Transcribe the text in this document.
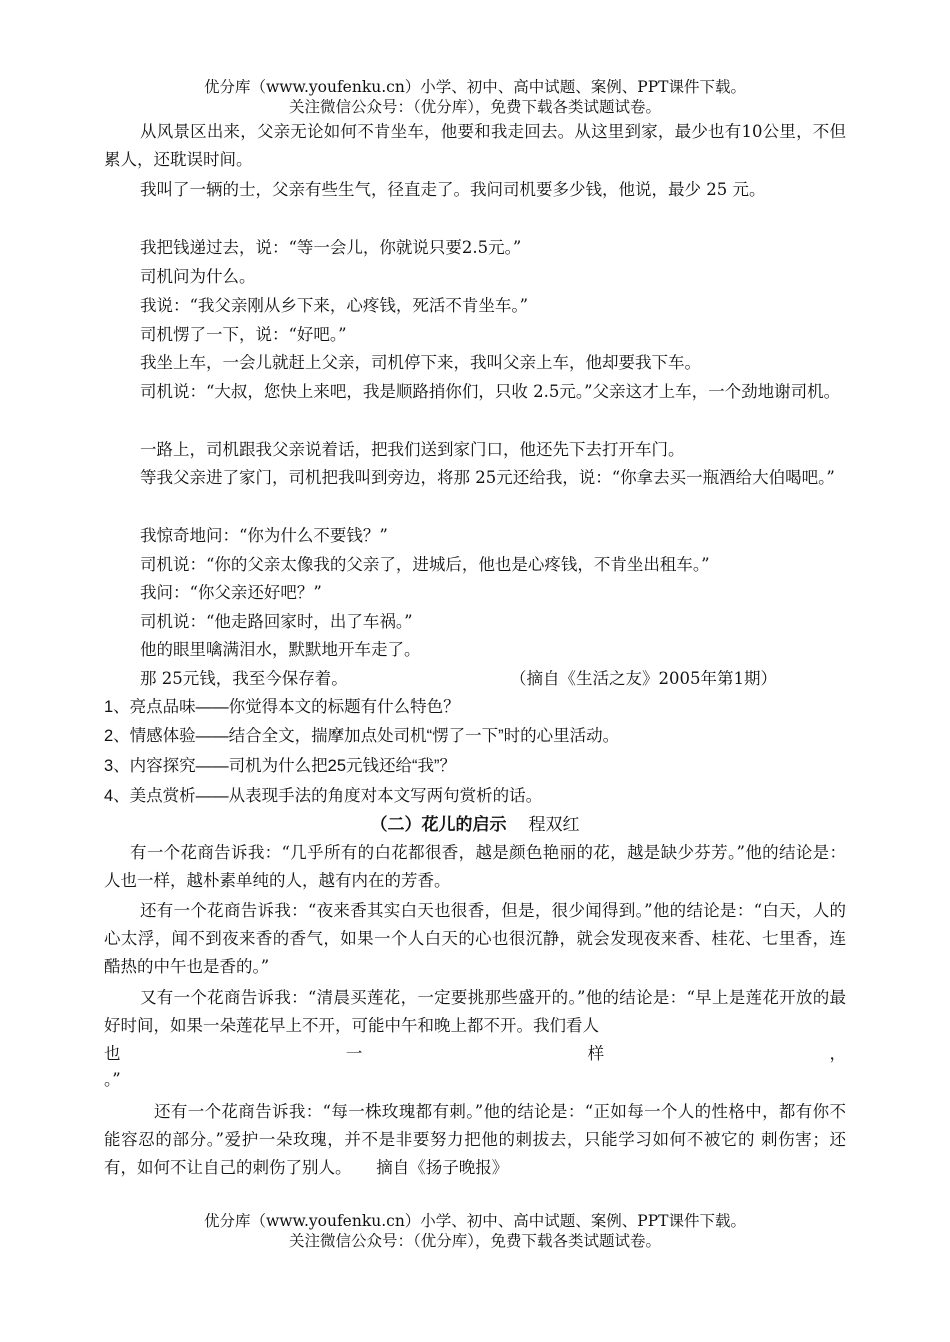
优分库（www.youfenku.cn）小学、初中、高中试题、案例、PPT课件下载。
关注微信公众号：（优分库），免费下载各类试题试卷。
从风景区出来，父亲无论如何不肯坐车，他要和我走回去。从这里到家，最少也有10公里，不但累人，还耽误时间。
我叫了一辆的士，父亲有些生气，径直走了。我问司机要多少钱，他说，最少 25 元。
我把钱递过去，说：“等一会儿，你就说只要2.5元。”
司机问为什么。
我说：“我父亲刚从乡下来，心疼钱，死活不肯坐车。”
司机愣了一下，说：“好吧。”
我坐上车，一会儿就赶上父亲，司机停下来，我叫父亲上车，他却要我下车。
司机说：“大叔，您快上来吧，我是顺路捎你们，只收 2.5元。”父亲这才上车，一个劲地谢司机。
一路上，司机跟我父亲说着话，把我们送到家门口，他还先下去打开车门。
等我父亲进了家门，司机把我叫到旁边，将那 25元还给我，说：“你拿去买一瓶酒给大伯喝吧。”
我惊奇地问：“你为什么不要钱？”
司机说：“你的父亲太像我的父亲了，进城后，他也是心疼钱，不肯坐出租车。”
我问：“你父亲还好吧？”
司机说：“他走路回家时，出了车祸。”
他的眼里噙满泪水，默默地开车走了。
那 25元钱，我至今保存着。	（摘自《生活之友》2005年第1期）
1、亮点品味——你觉得本文的标题有什么特色？
2、情感体验——结合全文，揣摩加点处司机“愣了一下”时的心里活动。
3、内容探究——司机为什么把25元钱还给“我”？
4、美点赏析——从表现手法的角度对本文写两句赏析的话。
（二）花儿的启示 程双红
有一个花商告诉我：“几乎所有的白花都很香，越是颜色艳丽的花，越是缺少芬芳。”他的结论是：人也一样，越朴素单纯的人，越有内在的芳香。
还有一个花商告诉我：“夜来香其实白天也很香，但是，很少闻得到。”他的结论是：“白天，人的心太浮，闻不到夜来香的香气，如果一个人白天的心也很沉静，就会发现夜来香、桂花、七里香，连酷热的中午也是香的。”
又有一个花商告诉我：“清晨买莲花，一定要挑那些盛开的。”他的结论是：“早上是莲花开放的最好时间，如果一朵莲花早上不开，可能中午和晚上都不开。我们看人
也	一	样	，
。”
还有一个花商告诉我：“每一株玫瑰都有刺。”他的结论是：“正如每一个人的性格中，都有你不能容忍的部分。”爱护一朵玫瑰，并不是非要努力把他的刺拔去，只能学习如何不被它的 刺伤害；还有，如何不让自己的刺伤了别人。　　摘自《扬子晚报》
优分库（www.youfenku.cn）小学、初中、高中试题、案例、PPT课件下载。
关注微信公众号：（优分库），免费下载各类试题试卷。
